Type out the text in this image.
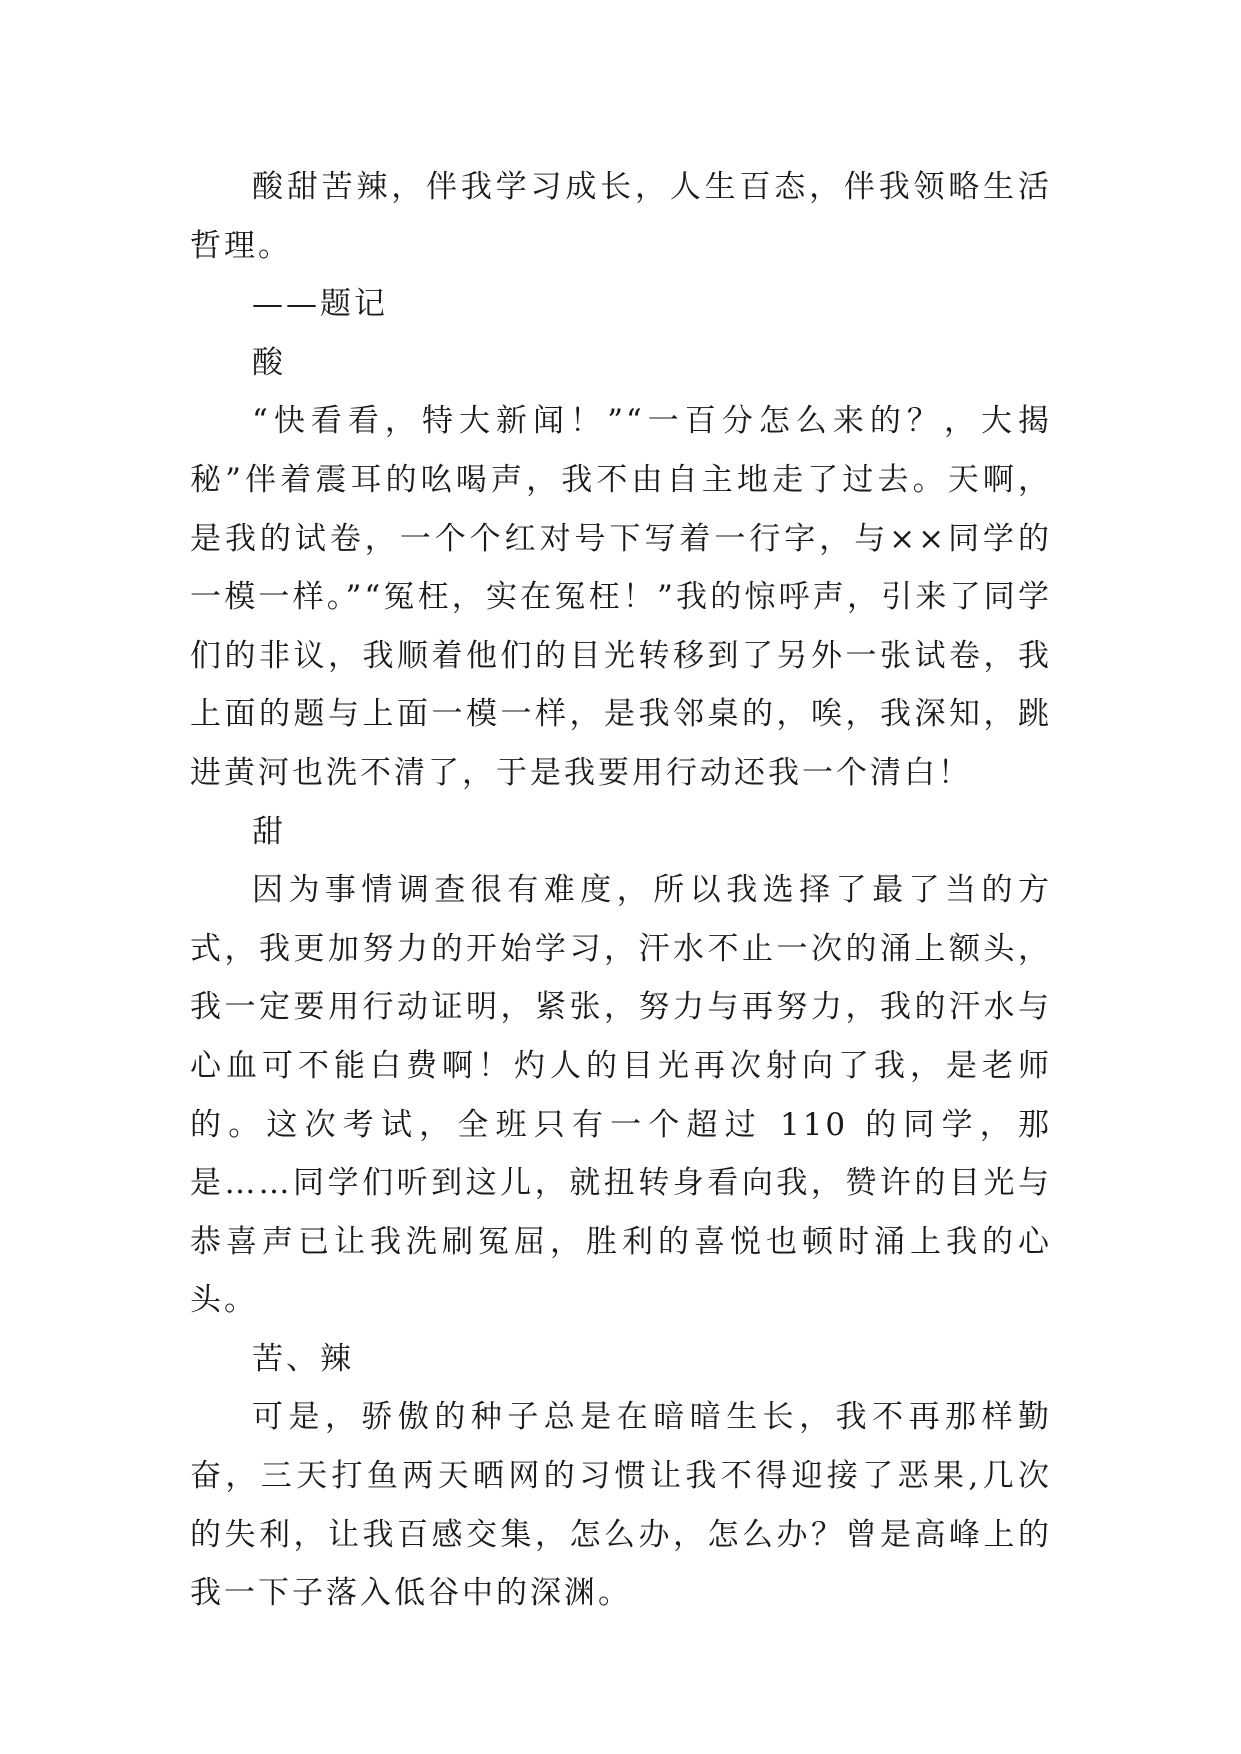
酸甜苦辣，伴我学习成长，人生百态，伴我领略生活哲理。

——题记

酸

“快看看，特大新闻！”“一百分怎么来的？，大揭秘”伴着震耳的吆喝声，我不由自主地走了过去。天啊，是我的试卷，一个个红对号下写着一行字，与××同学的一模一样。”“冤枉，实在冤枉！”我的惊呼声，引来了同学们的非议，我顺着他们的目光转移到了另外一张试卷，我上面的题与上面一模一样，是我邻桌的，唉，我深知，跳进黄河也洗不清了，于是我要用行动还我一个清白！

甜

因为事情调查很有难度，所以我选择了最了当的方式，我更加努力的开始学习，汗水不止一次的涌上额头，我一定要用行动证明，紧张，努力与再努力，我的汗水与心血可不能白费啊！灼人的目光再次射向了我，是老师的。这次考试，全班只有一个超过 110 的同学，那是……同学们听到这儿，就扭转身看向我，赞许的目光与恭喜声已让我洗刷冤屈，胜利的喜悦也顿时涌上我的心头。

苦、辣

可是，骄傲的种子总是在暗暗生长，我不再那样勤奋，三天打鱼两天晒网的习惯让我不得迎接了恶果,几次的失利，让我百感交集，怎么办，怎么办？曾是高峰上的我一下子落入低谷中的深渊。
